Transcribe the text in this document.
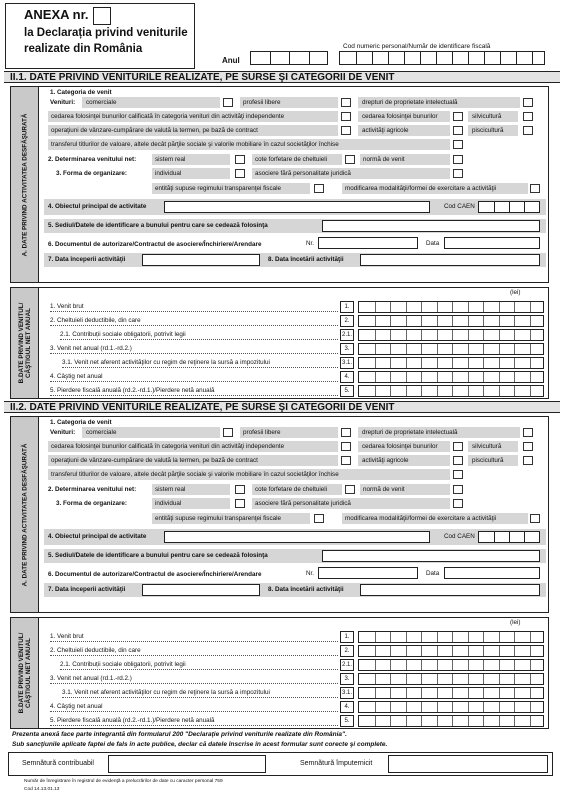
ANEXA nr.
la Declarația privind veniturile
realizate din România
Anul
Cod numeric personal/Număr de identificare fiscală
II.1. DATE PRIVIND VENITURILE REALIZATE, PE SURSE ŞI CATEGORII DE VENIT
A. DATE PRIVIND ACTIVITATEA DESFĂŞURATĂ
1. Categoria de venit
Venituri: comerciale	profesii libere	drepturi de proprietate intelectuală
cedarea folosinţei bunurilor calificată în categoria venituri din activităţi independente	cedarea folosinţei bunurilor	silvicultură
operaţiuni de vânzare-cumpărare de valută la termen, pe bază de contract	activităţi agricole	piscicultură
transferul titlurilor de valoare, altele decât părţile sociale şi valorile mobiliare în cazul societăţilor închise
2. Determinarea venitului net:	sistem real	cote forfetare de cheltuieli	normă de venit
3. Forma de organizare:	individual	asociere fără personalitate juridică
entităţi supuse regimului transparenţei fiscale	modificarea modalităţii/formei de exercitare a activităţii
4. Obiectul principal de activitate	Cod CAEN
5. Sediul/Datele de identificare a bunului pentru care se cedează folosinţa
6. Documentul de autorizare/Contractul de asociere/Închiriere/Arendare	Nr.	Data
7. Data începerii activităţii	8. Data încetării activităţii
B.DATE PRIVIND VENITUL/ CÂŞTIGUL NET ANUAL
(lei)
1. Venit brut	1.
2. Cheltuieli deductibile, din care	2.
2.1. Contribuții sociale obligatorii, potrivit legii	2.1.
3. Venit net anual (rd.1.-rd.2.)	3.
3.1. Venit net aferent activităţilor cu regim de reţinere la sursă a impozitului	3.1.
4. Câştig net anual	4.
5. Pierdere fiscală anuală (rd.2.-rd.1.)/Pierdere netă anuală	5.
II.2. DATE PRIVIND VENITURILE REALIZATE, PE SURSE ŞI CATEGORII DE VENIT
A. DATE PRIVIND ACTIVITATEA DESFĂŞURATĂ
1. Categoria de venit
Venituri: comerciale	profesii libere	drepturi de proprietate intelectuală
cedarea folosinţei bunurilor calificată în categoria venituri din activităţi independente	cedarea folosinţei bunurilor	silvicultură
operaţiuni de vânzare-cumpărare de valută la termen, pe bază de contract	activităţi agricole	piscicultură
transferul titlurilor de valoare, altele decât părţile sociale şi valorile mobiliare în cazul societăţilor închise
2. Determinarea venitului net:	sistem real	cote forfetare de cheltuieli	normă de venit
3. Forma de organizare:	individual	asociere fără personalitate juridică
entităţi supuse regimului transparenţei fiscale	modificarea modalităţii/formei de exercitare a activităţii
4. Obiectul principal de activitate	Cod CAEN
5. Sediul/Datele de identificare a bunului pentru care se cedează folosinţa
6. Documentul de autorizare/Contractul de asociere/Închiriere/Arendare	Nr.	Data
7. Data începerii activităţii	8. Data încetării activităţii
B.DATE PRIVIND VENITUL/ CÂŞTIGUL NET ANUAL
(lei)
1. Venit brut	1.
2. Cheltuieli deductibile, din care	2.
2.1. Contribuții sociale obligatorii, potrivit legii	2.1.
3. Venit net anual (rd.1.-rd.2.)	3.
3.1. Venit net aferent activităţilor cu regim de reţinere la sursă a impozitului	3.1.
4. Câştig net anual	4.
5. Pierdere fiscală anuală (rd.2.-rd.1.)/Pierdere netă anuală	5.
Prezenta anexă face parte integrantă din formularul 200 "Declaraţie privind veniturile realizate din România".
Sub sancţiunile aplicate faptei de fals în acte publice, declar că datele înscrise în acest formular sunt corecte şi complete.
Semnătură contribuabil	Semnătură împuternicit
Număr de înregistrare în registrul de evidenţă a prelucrărilor de date cu caracter personal 759
Cod 14.13.01.13
